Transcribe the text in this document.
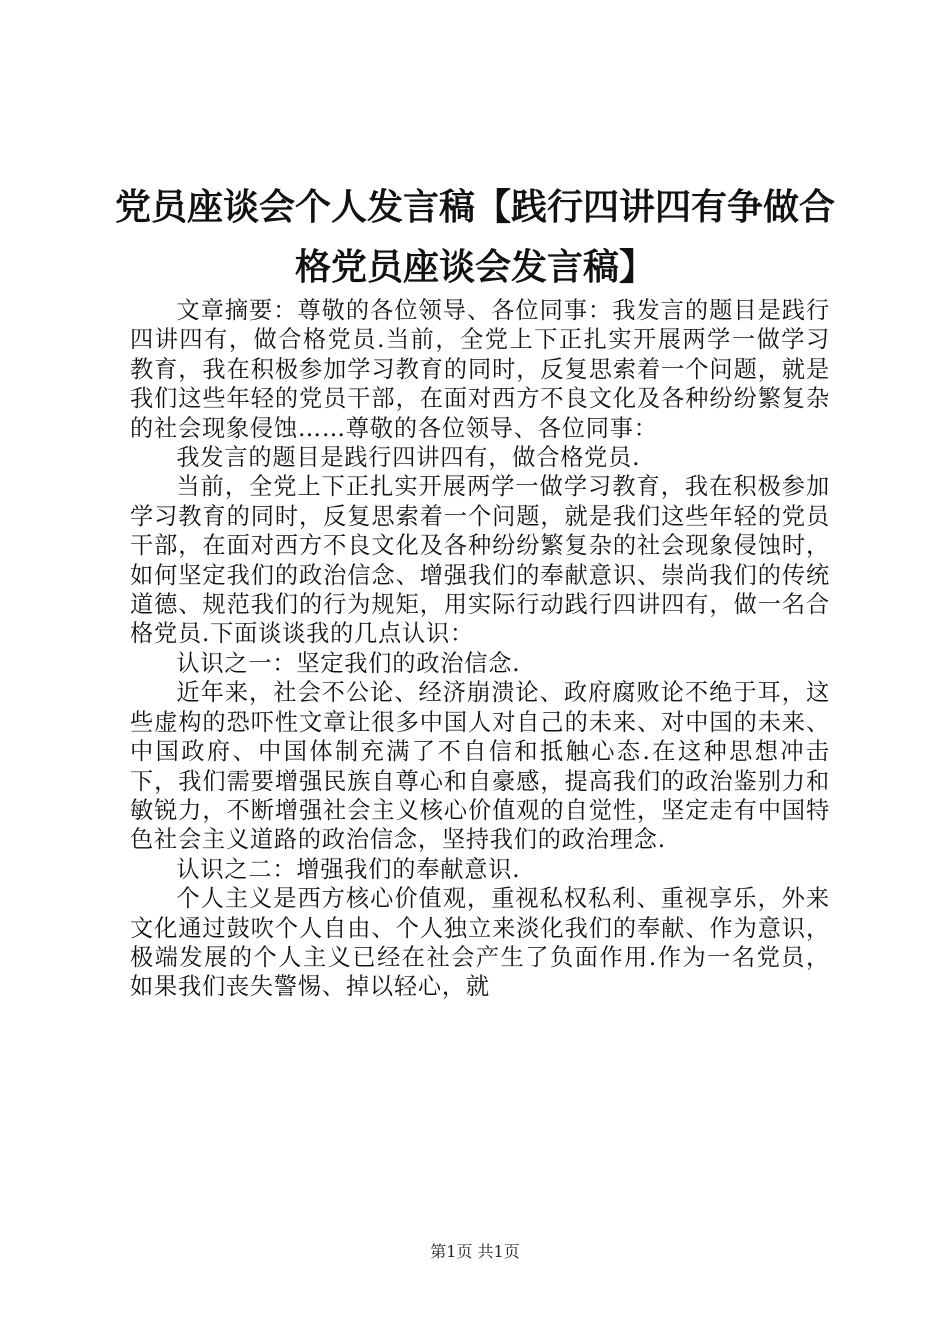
党员座谈会个人发言稿【践行四讲四有争做合
格党员座谈会发言稿】

文章摘要：尊敬的各位领导、各位同事：我发言的题目是践行四讲四有，做合格党员.当前，全党上下正扎实开展两学一做学习教育，我在积极参加学习教育的同时，反复思索着一个问题，就是我们这些年轻的党员干部，在面对西方不良文化及各种纷纷繁复杂的社会现象侵蚀……尊敬的各位领导、各位同事：

我发言的题目是践行四讲四有，做合格党员.

当前，全党上下正扎实开展两学一做学习教育，我在积极参加学习教育的同时，反复思索着一个问题，就是我们这些年轻的党员干部，在面对西方不良文化及各种纷纷繁复杂的社会现象侵蚀时，如何坚定我们的政治信念、增强我们的奉献意识、崇尚我们的传统道德、规范我们的行为规矩，用实际行动践行四讲四有，做一名合格党员.下面谈谈我的几点认识：

认识之一：坚定我们的政治信念.

近年来，社会不公论、经济崩溃论、政府腐败论不绝于耳，这些虚构的恐吓性文章让很多中国人对自己的未来、对中国的未来、中国政府、中国体制充满了不自信和抵触心态.在这种思想冲击下，我们需要增强民族自尊心和自豪感，提高我们的政治鉴别力和敏锐力，不断增强社会主义核心价值观的自觉性，坚定走有中国特色社会主义道路的政治信念，坚持我们的政治理念.

认识之二：增强我们的奉献意识.

个人主义是西方核心价值观，重视私权私利、重视享乐，外来文化通过鼓吹个人自由、个人独立来淡化我们的奉献、作为意识，极端发展的个人主义已经在社会产生了负面作用.作为一名党员，如果我们丧失警惕、掉以轻心，就

第1页 共1页
